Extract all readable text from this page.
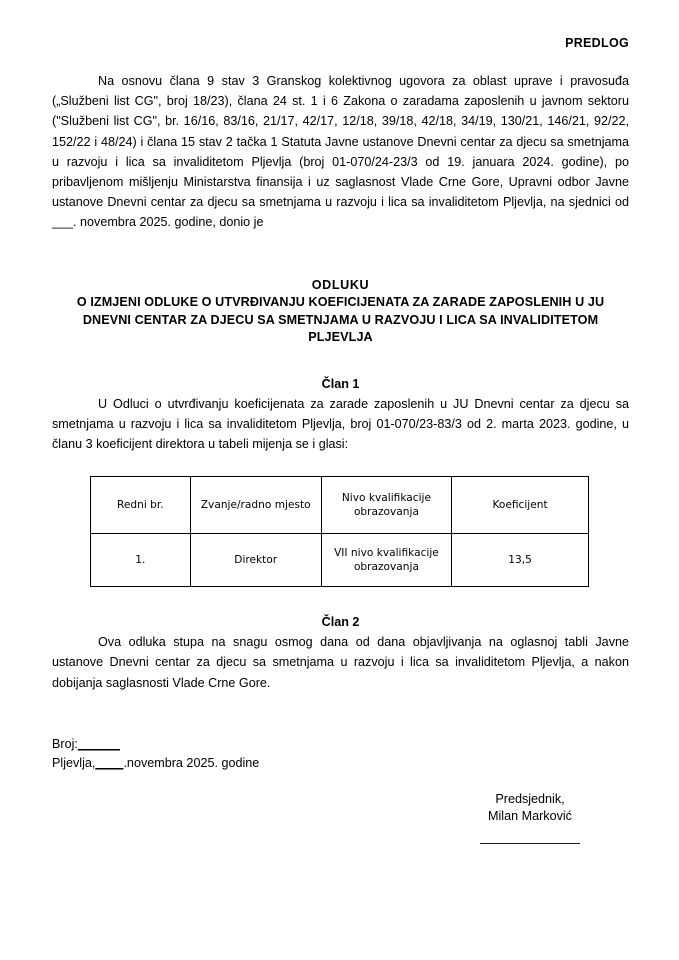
PREDLOG

Na osnovu člana 9 stav 3 Granskog kolektivnog ugovora za oblast uprave i pravosuđa („Službeni list CG", broj 18/23), člana 24 st. 1 i 6 Zakona o zaradama zaposlenih u javnom sektoru ("Službeni list CG", br. 16/16, 83/16, 21/17, 42/17, 12/18, 39/18, 42/18, 34/19, 130/21, 146/21, 92/22, 152/22 i 48/24) i člana 15 stav 2 tačka 1 Statuta Javne ustanove Dnevni centar za djecu sa smetnjama u razvoju i lica sa invaliditetom Pljevlja (broj 01-070/24-23/3 od 19. januara 2024. godine), po pribavljenom mišljenju Ministarstva finansija i uz saglasnost Vlade Crne Gore, Upravni odbor Javne ustanove Dnevni centar za djecu sa smetnjama u razvoju i lica sa invaliditetom Pljevlja, na sjednici od ___. novembra 2025. godine, donio je

ODLUKU
O IZMJENI ODLUKE O UTVRĐIVANJU KOEFICIJENATA ZA ZARADE ZAPOSLENIH U JU
DNEVNI CENTAR ZA DJECU SA SMETNJAMA U RAZVOJU I LICA SA INVALIDITETOM
PLJEVLJA
Član 1

U Odluci o utvrđivanju koeficijenata za zarade zaposlenih u JU Dnevni centar za djecu sa smetnjama u razvoju i lica sa invaliditetom Pljevlja, broj 01-070/23-83/3 od 2. marta 2023. godine, u članu 3 koeficijent direktora u tabeli mijenja se i glasi:

Redni br.	Zvanje/radno mjesto	Nivo kvalifikacije obrazovanja	Koeficijent
1.	Direktor	VII nivo kvalifikacije obrazovanja	13,5
Član 2

Ova odluka stupa na snagu osmog dana od dana objavljivanja na oglasnoj tabli Javne ustanove Dnevni centar za djecu sa smetnjama u razvoju i lica sa invaliditetom Pljevlja, a nakon dobijanja saglasnosti Vlade Crne Gore.

Broj:______
Pljevlja,____.novembra 2025. godine
Predsjednik,
Milan Marković
